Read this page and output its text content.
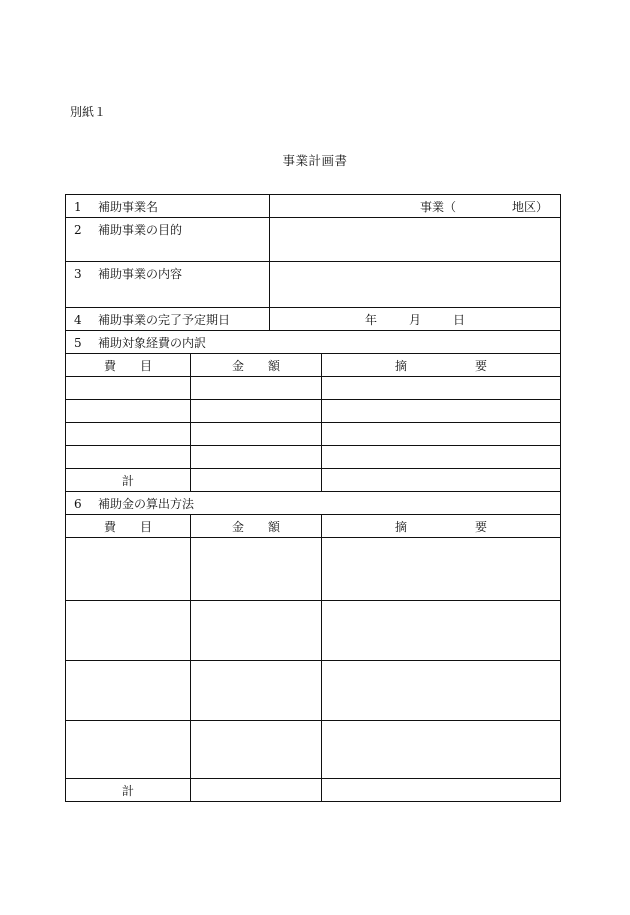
別紙１
事業計画書
1 補助事業名		事業（ 地区）	

2 補助事業の目的			
3 補助事業の内容			
4 補助事業の完了予定期日		年 月 日	

5 補助対象経費の内訳			

費 目	金 額		摘 要

計			
6 補助金の算出方法			

費 目	金 額		摘 要

計			
